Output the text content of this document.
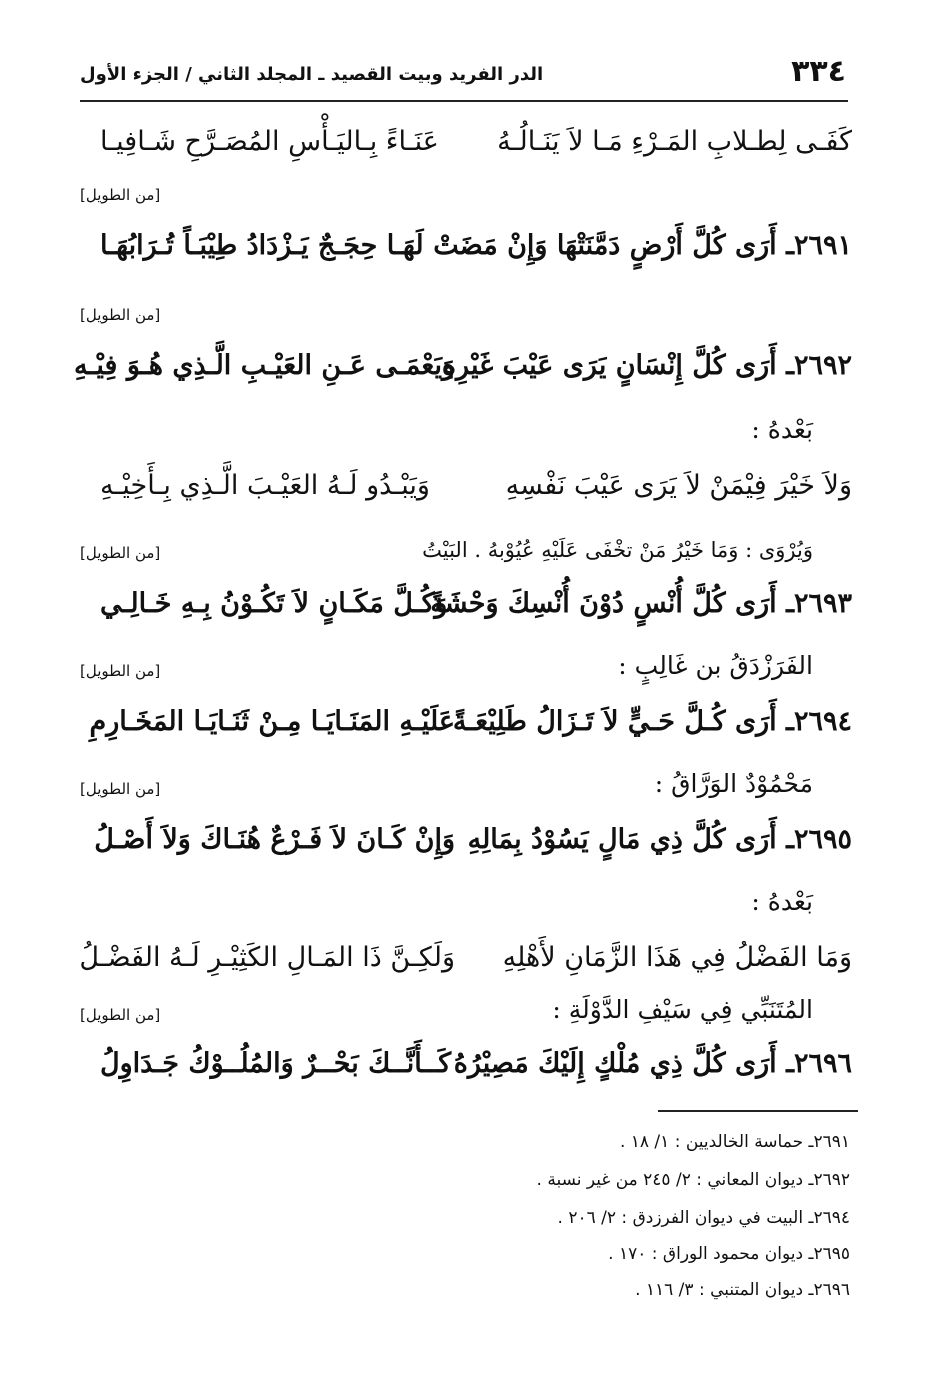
٣٣٤
الدر الفريد وبيت القصيد ـ المجلد الثاني / الجزء الأول
كَفَـى لِطـلابِ المَـرْءِ مَـا لاَ يَنَـالُـهُ
عَنَـاءً بِـاليَـأْسِ المُصَـرَّحِ شَـافِيـا
[من الطويل]
٢٦٩١ـ أَرَى كُلَّ أَرْضٍ دَمَّنَتْهَا وَإِنْ مَضَتْ
لَهَـا حِجَـجٌ يَـزْدَادُ طِيْبَـاً تُـرَابُهَـا
[من الطويل]
٢٦٩٢ـ أَرَى كُلَّ إِنْسَانٍ يَرَى عَيْبَ غَيْرِهِ
وَيَعْمَـى عَـنِ العَيْـبِ الَّـذِي هُـوَ فِيْـهِ
بَعْدهُ :
وَلاَ خَيْرَ فِيْمَنْ لاَ يَرَى عَيْبَ نَفْسِهِ
وَيَبْـدُو لَـهُ العَيْـبَ الَّـذِي بِـأَخِيْـهِ
وَيُرْوَى : وَمَا خَيْرُ مَنْ تخْفَى عَلَيْهِ عُيُوْبهُ . البَيْتُ
[من الطويل]
٢٦٩٣ـ أَرَى كُلَّ أُنْسٍ دُوْنَ أُنْسِكَ وَحْشَةً
وَكُـلَّ مَكَـانٍ لاَ تَكُـوْنُ بِـهِ خَـالِـي
الفَرَزْدَقُ بن غَالِبٍ :
[من الطويل]
٢٦٩٤ـ أَرَى كُـلَّ حَـيٍّ لاَ تَـزَالُ طَلِيْعَـةً
عَلَيْـهِ المَنَـايَـا مِـنْ ثَنَـايَـا المَخَـارِمِ
مَحْمُوْدٌ الوَرَّاقُ :
[من الطويل]
٢٦٩٥ـ أَرَى كُلَّ ذِي مَالٍ يَسُوْدُ بِمَالِهِ
وَإِنْ كَـانَ لاَ فَـرْعٌ هُنَـاكَ وَلاَ أَصْـلُ
بَعْدهُ :
وَمَا الفَضْلُ فِي هَذَا الزَّمَانِ لأَهْلِهِ
وَلَكِـنَّ ذَا المَـالِ الكَثِيْـرِ لَـهُ الفَضْـلُ
المُتَنَبِّي فِي سَيْفِ الدَّوْلَةِ :
[من الطويل]
٢٦٩٦ـ أَرَى كُلَّ ذِي مُلْكٍ إِلَيْكَ مَصِيْرُهُ
كَــأَنَّــكَ بَحْــرٌ وَالمُلُــوْكُ جَـدَاوِلُ
٢٦٩١ـ حماسة الخالديين : ١/ ١٨ .
٢٦٩٢ـ ديوان المعاني : ٢/ ٢٤٥ من غير نسبة .
٢٦٩٤ـ البيت في ديوان الفرزدق : ٢/ ٢٠٦ .
٢٦٩٥ـ ديوان محمود الوراق : ١٧٠ .
٢٦٩٦ـ ديوان المتنبي : ٣/ ١١٦ .
